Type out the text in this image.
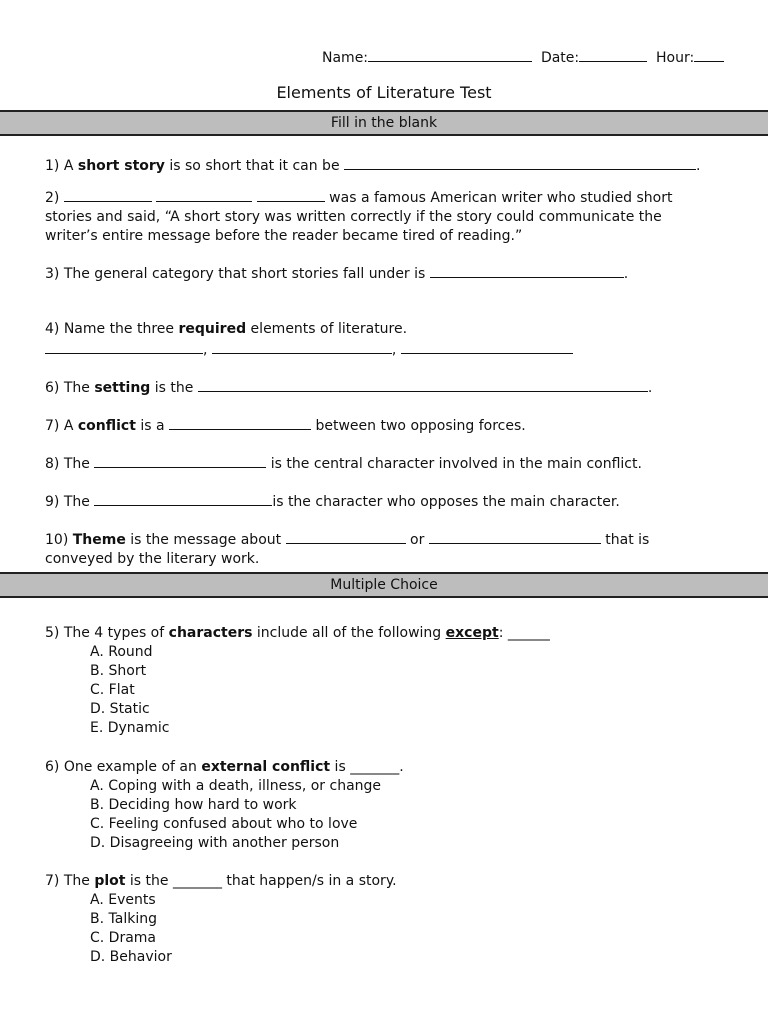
Name:	Date:	Hour:
Elements of Literature Test
Fill in the blank
1) A short story is so short that it can be	.
2)	was a famous American writer who studied short
stories and said, “A short story was written correctly if the story could communicate the
writer’s entire message before the reader became tired of reading.”
3) The general category that short stories fall under is	.
4) Name the three required elements of literature.
,	,
6) The setting is the	.
7) A conflict is a	between two opposing forces.
8) The	is the central character involved in the main conflict.
9) The	is the character who opposes the main character.
10) Theme is the message about	or	that is
conveyed by the literary work.
Multiple Choice
5) The 4 types of characters include all of the following except: ______
A. Round
B. Short
C. Flat
D. Static
E. Dynamic
6) One example of an external conflict is _______.
A. Coping with a death, illness, or change
B. Deciding how hard to work
C. Feeling confused about who to love
D. Disagreeing with another person
7) The plot is the _______ that happen/s in a story.
A. Events
B. Talking
C. Drama
D. Behavior
